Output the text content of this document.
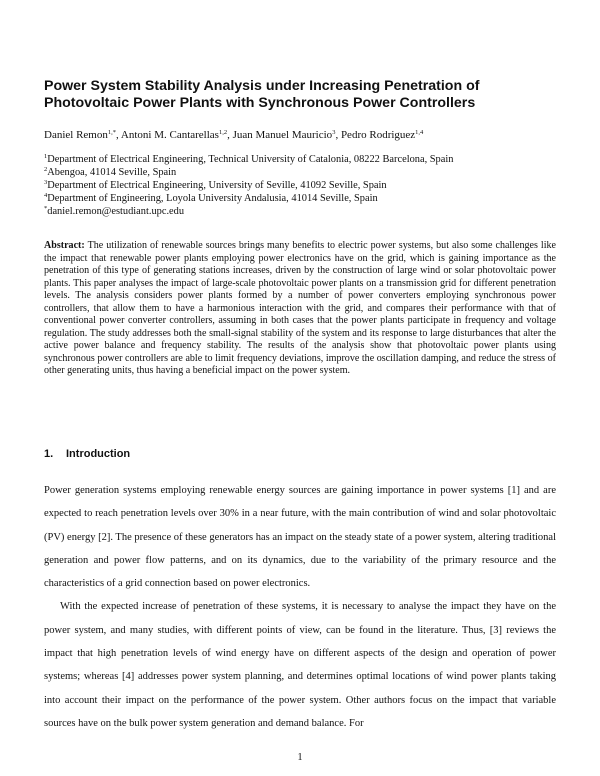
Power System Stability Analysis under Increasing Penetration of Photovoltaic Power Plants with Synchronous Power Controllers
Daniel Remon$^{1,*}$, Antoni M. Cantarellas$^{1,2}$, Juan Manuel Mauricio$^3$, Pedro Rodriguez$^{1,4}$
$^1$Department of Electrical Engineering, Technical University of Catalonia, 08222 Barcelona, Spain
$^2$Abengoa, 41014 Seville, Spain
$^3$Department of Electrical Engineering, University of Seville, 41092 Seville, Spain
$^4$Department of Engineering, Loyola University Andalusia, 41014 Seville, Spain
*daniel.remon@estudiant.upc.edu
Abstract: The utilization of renewable sources brings many benefits to electric power systems, but also some challenges like the impact that renewable power plants employing power electronics have on the grid, which is gaining importance as the penetration of this type of generating stations increases, driven by the construction of large wind or solar photovoltaic power plants. This paper analyses the impact of large-scale photovoltaic power plants on a transmission grid for different penetration levels. The analysis considers power plants formed by a number of power converters employing synchronous power controllers, that allow them to have a harmonious interaction with the grid, and compares their performance with that of conventional power converter controllers, assuming in both cases that the power plants participate in frequency and voltage regulation. The study addresses both the small-signal stability of the system and its response to large disturbances that alter the active power balance and frequency stability. The results of the analysis show that photovoltaic power plants using synchronous power controllers are able to limit frequency deviations, improve the oscillation damping, and reduce the stress of other generating units, thus having a beneficial impact on the power system.
1. Introduction

Power generation systems employing renewable energy sources are gaining importance in power systems [1] and are expected to reach penetration levels over 30% in a near future, with the main contribution of wind and solar photovoltaic (PV) energy [2]. The presence of these generators has an impact on the steady state of a power system, altering traditional generation and power flow patterns, and on its dynamics, due to the variability of the primary resource and the characteristics of a grid connection based on power electronics.

With the expected increase of penetration of these systems, it is necessary to analyse the impact they have on the power system, and many studies, with different points of view, can be found in the literature. Thus, [3] reviews the impact that high penetration levels of wind energy have on different aspects of the design and operation of power systems; whereas [4] addresses power system planning, and determines optimal locations of wind power plants taking into account their impact on the performance of the power system. Other authors focus on the impact that variable sources have on the bulk power system generation and demand balance. For

1
